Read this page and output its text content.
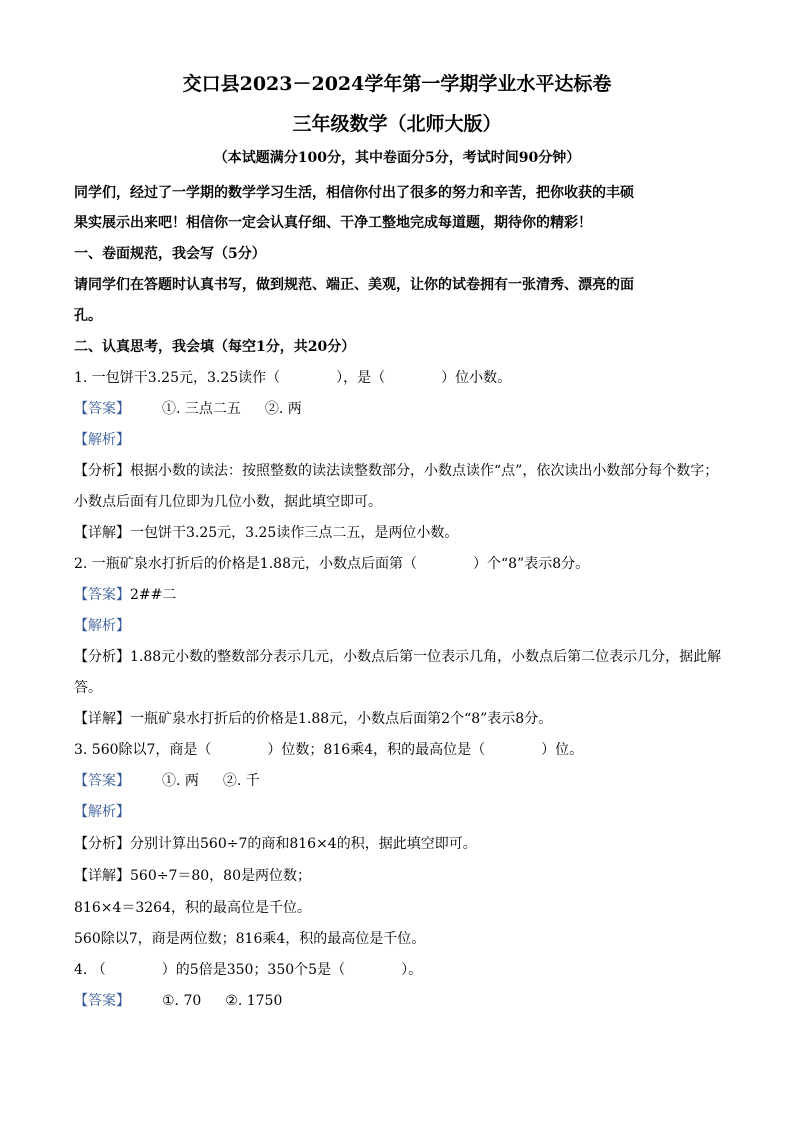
交口县2023－2024学年第一学期学业水平达标卷
三年级数学（北师大版）
（本试题满分100分，其中卷面分5分，考试时间90分钟）
同学们，经过了一学期的数学学习生活，相信你付出了很多的努力和辛苦，把你收获的丰硕
果实展示出来吧！相信你一定会认真仔细、干净工整地完成每道题，期待你的精彩！
一、卷面规范，我会写（5分）
请同学们在答题时认真书写，做到规范、端正、美观，让你的试卷拥有一张清秀、漂亮的面
孔。
二、认真思考，我会填（每空1分，共20分）
1. 一包饼干3.25元，3.25读作（　　　　），是（　　　　）位小数。
【答案】 ①. 三点二五 ②. 两
【解析】
【分析】根据小数的读法：按照整数的读法读整数部分，小数点读作“点”，依次读出小数部分每个数字；
小数点后面有几位即为几位小数，据此填空即可。
【详解】一包饼干3.25元，3.25读作三点二五，是两位小数。
2. 一瓶矿泉水打折后的价格是1.88元，小数点后面第（　　　　）个“8”表示8分。
【答案】2##二
【解析】
【分析】1.88元小数的整数部分表示几元，小数点后第一位表示几角，小数点后第二位表示几分，据此解
答。
【详解】一瓶矿泉水打折后的价格是1.88元，小数点后面第2个“8”表示8分。
3. 560除以7，商是（　　　　）位数；816乘4，积的最高位是（　　　　）位。
【答案】 ①. 两 ②. 千
【解析】
【分析】分别计算出560÷7的商和816×4的积，据此填空即可。
【详解】560÷7＝80，80是两位数；
816×4＝3264，积的最高位是千位。
560除以7，商是两位数；816乘4，积的最高位是千位。
4. （　　　　）的5倍是350；350个5是（　　　　）。
【答案】 ①. 70 ②. 1750
